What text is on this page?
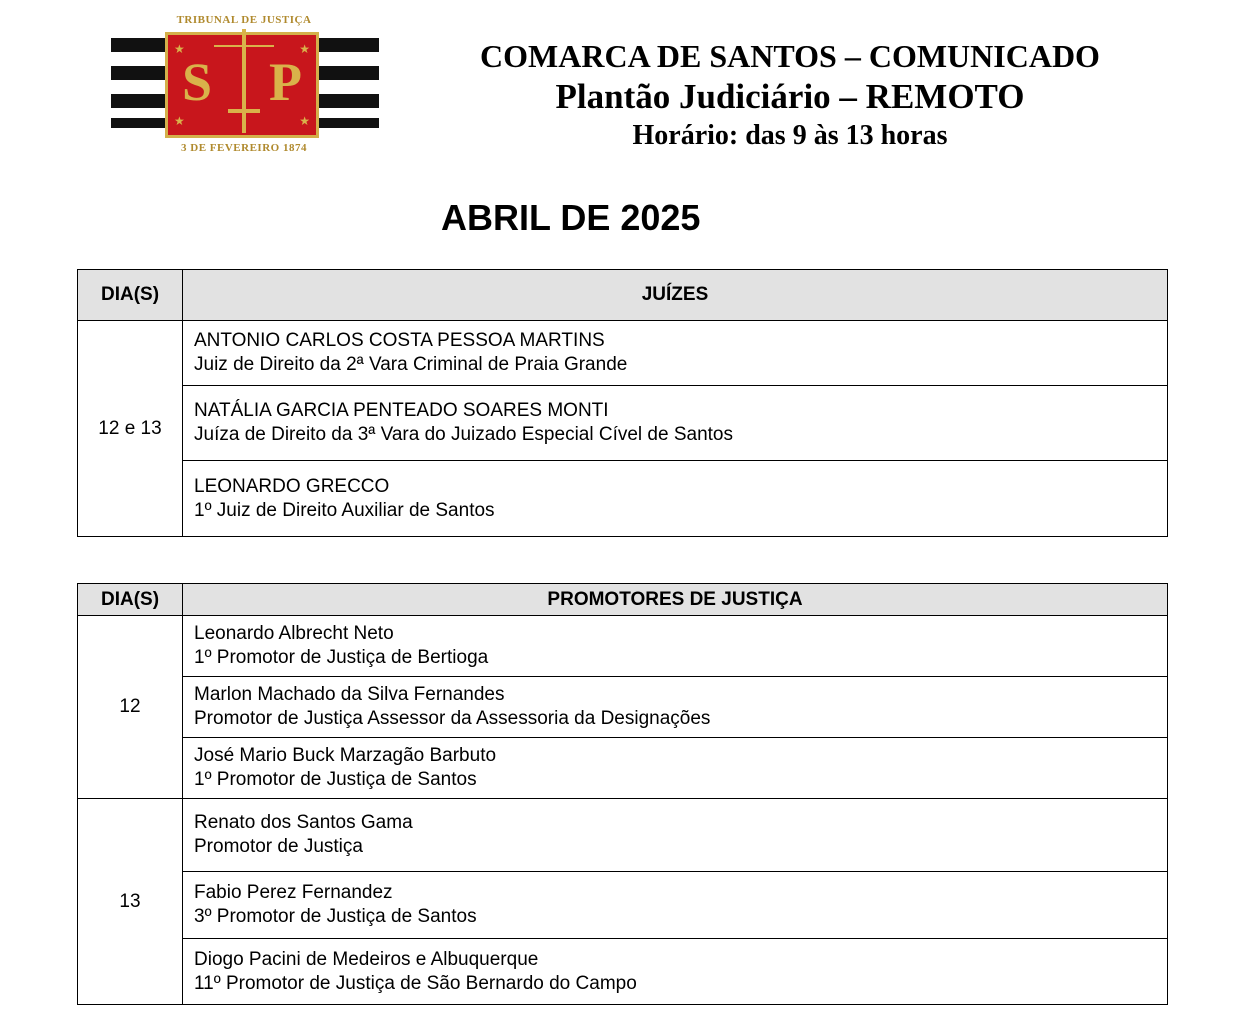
TRIBUNAL DE JUSTIÇA
★	★
★	★
S P
3 DE FEVEREIRO 1874
COMARCA DE SANTOS – COMUNICADO
Plantão Judiciário – REMOTO
Horário: das 9 às 13 horas
ABRIL DE 2025
DIA(S)	JUÍZES
12 e 13	ANTONIO CARLOS COSTA PESSOA MARTINS
Juiz de Direito da 2ª Vara Criminal de Praia Grande

	NATÁLIA GARCIA PENTEADO SOARES MONTI
Juíza de Direito da 3ª Vara do Juizado Especial Cível de Santos

	LEONARDO GRECCO
1º Juiz de Direito Auxiliar de Santos
DIA(S)	PROMOTORES DE JUSTIÇA
12	Leonardo Albrecht Neto
1º Promotor de Justiça de Bertioga

	Marlon Machado da Silva Fernandes
Promotor de Justiça Assessor da Assessoria da Designações

	José Mario Buck Marzagão Barbuto
1º Promotor de Justiça de Santos

13	Renato dos Santos Gama
Promotor de Justiça

	Fabio Perez Fernandez
3º Promotor de Justiça de Santos

	Diogo Pacini de Medeiros e Albuquerque
11º Promotor de Justiça de São Bernardo do Campo
